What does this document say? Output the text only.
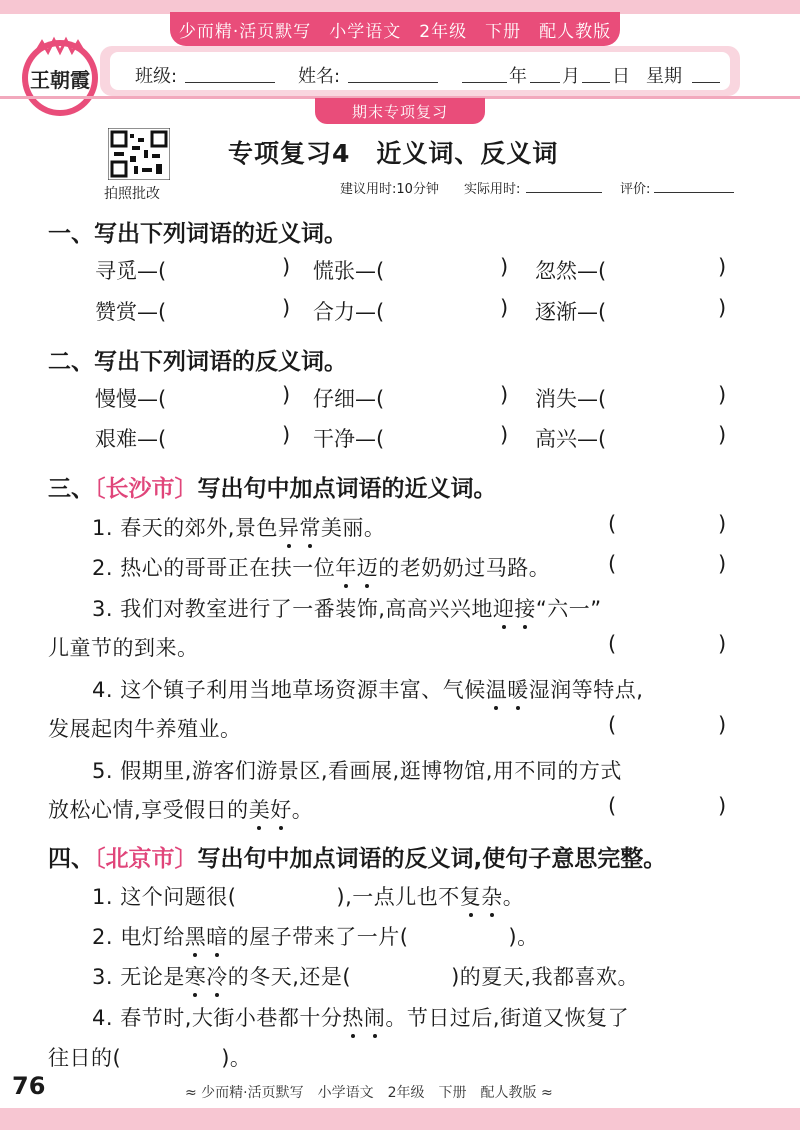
少而精·活页默写　小学语文　2年级　下册　配人教版
班级:	姓名:	年 月 日 星期
王朝霞
期末专项复习
拍照批改
专项复习4　近义词、反义词
建议用时:10分钟 实际用时:	评价:
一、写出下列词语的近义词。
寻觅—(	) 慌张—(	) 忽然—(	)
赞赏—(	) 合力—(	) 逐渐—(	)
二、写出下列词语的反义词。
慢慢—(	) 仔细—(	) 消失—(	)
艰难—(	) 干净—(	) 高兴—(	)
三、〔长沙市〕写出句中加点词语的近义词。
1. 春天的郊外,景色异常美丽。	(	)
2. 热心的哥哥正在扶一位年迈的老奶奶过马路。	(	)
3. 我们对教室进行了一番装饰,高高兴兴地迎接“六一”
儿童节的到来。	(	)
4. 这个镇子利用当地草场资源丰富、气候温暖湿润等特点,
发展起肉牛养殖业。	(	)
5. 假期里,游客们游景区,看画展,逛博物馆,用不同的方式
放松心情,享受假日的美好。	(	)
四、〔北京市〕写出句中加点词语的反义词,使句子意思完整。
1. 这个问题很(	),一点儿也不复杂。
2. 电灯给黑暗的屋子带来了一片(	)。
3. 无论是寒冷的冬天,还是(	)的夏天,我都喜欢。
4. 春节时,大街小巷都十分热闹。节日过后,街道又恢复了
往日的(	)。
76	≈ 少而精·活页默写　小学语文　2年级　下册　配人教版 ≈
